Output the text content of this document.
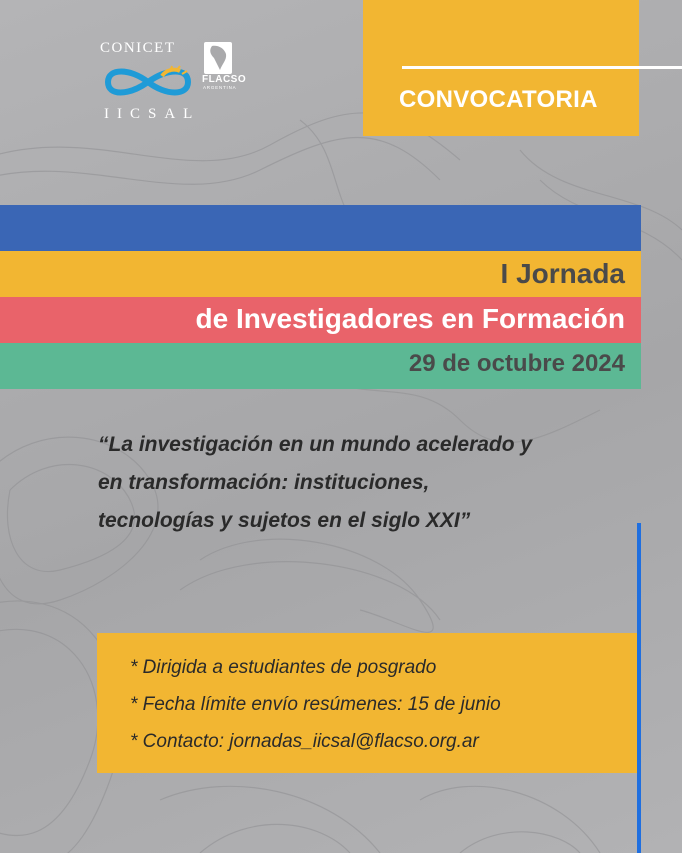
CONICET
FLACSO
ARGENTINA
IICSAL
CONVOCATORIA
I Jornada
de Investigadores en Formación
29 de octubre 2024
“La investigación en un mundo acelerado y
en transformación: instituciones,
tecnologías y sujetos en el siglo XXI”
* Dirigida a estudiantes de posgrado
* Fecha límite envío resúmenes: 15 de junio
* Contacto: jornadas_iicsal@flacso.org.ar
